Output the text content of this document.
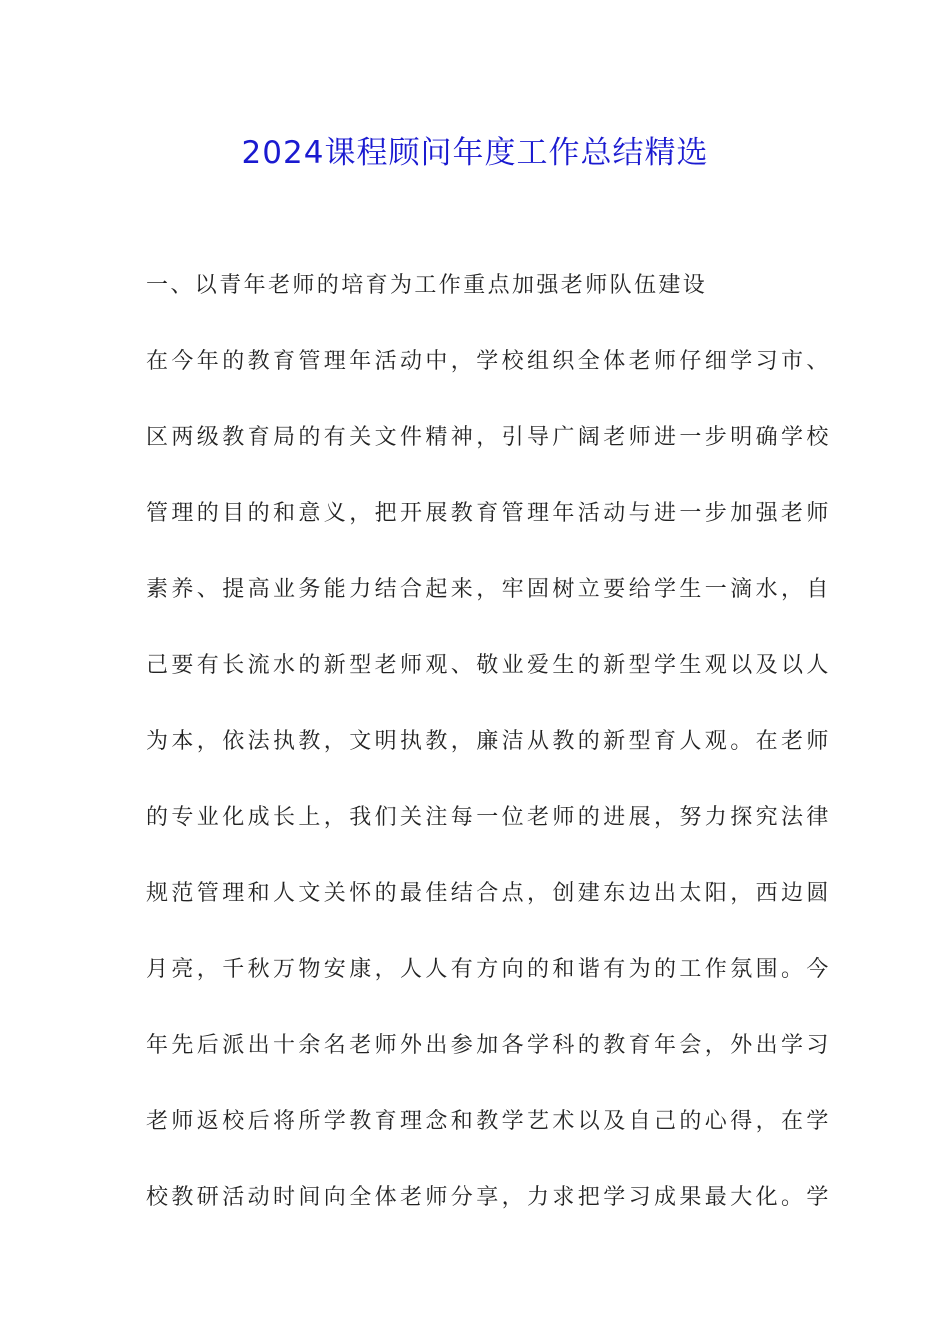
2024课程顾问年度工作总结精选
一、以青年老师的培育为工作重点加强老师队伍建设
在今年的教育管理年活动中，学校组织全体老师仔细学习市、
区两级教育局的有关文件精神，引导广阔老师进一步明确学校
管理的目的和意义，把开展教育管理年活动与进一步加强老师
素养、提高业务能力结合起来，牢固树立要给学生一滴水，自
己要有长流水的新型老师观、敬业爱生的新型学生观以及以人
为本，依法执教，文明执教，廉洁从教的新型育人观。在老师
的专业化成长上，我们关注每一位老师的进展，努力探究法律
规范管理和人文关怀的最佳结合点，创建东边出太阳，西边圆
月亮，千秋万物安康，人人有方向的和谐有为的工作氛围。今
年先后派出十余名老师外出参加各学科的教育年会，外出学习
老师返校后将所学教育理念和教学艺术以及自己的心得，在学
校教研活动时间向全体老师分享，力求把学习成果最大化。学
